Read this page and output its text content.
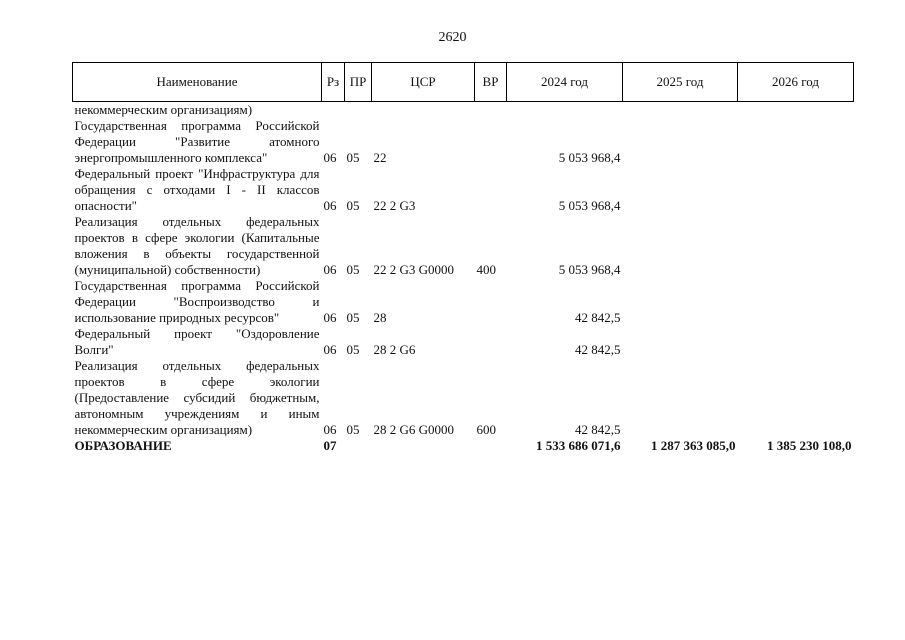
2620
Наименование	Рз	ПР	ЦСР	ВР	2024 год	2025 год	2026 год
некоммерческим организациям)							
Государственная программа Российской Федерации "Развитие атомного энергопромышленного комплекса"	06	05	22		5 053 968,4		
Федеральный проект "Инфраструктура для обращения с отходами I - II классов опасности"	06	05	22 2 G3		5 053 968,4		
Реализация отдельных федеральных проектов в сфере экологии (Капитальные вложения в объекты государственной (муниципальной) собственности)	06	05	22 2 G3 G0000	400	5 053 968,4		
Государственная программа Российской Федерации "Воспроизводство и использование природных ресурсов"	06	05	28		42 842,5		
Федеральный проект "Оздоровление Волги"	06	05	28 2 G6		42 842,5		
Реализация отдельных федеральных проектов в сфере экологии (Предоставление субсидий бюджетным, автономным учреждениям и иным некоммерческим организациям)	06	05	28 2 G6 G0000	600	42 842,5		
ОБРАЗОВАНИЕ	07				1 533 686 071,6	1 287 363 085,0	1 385 230 108,0
